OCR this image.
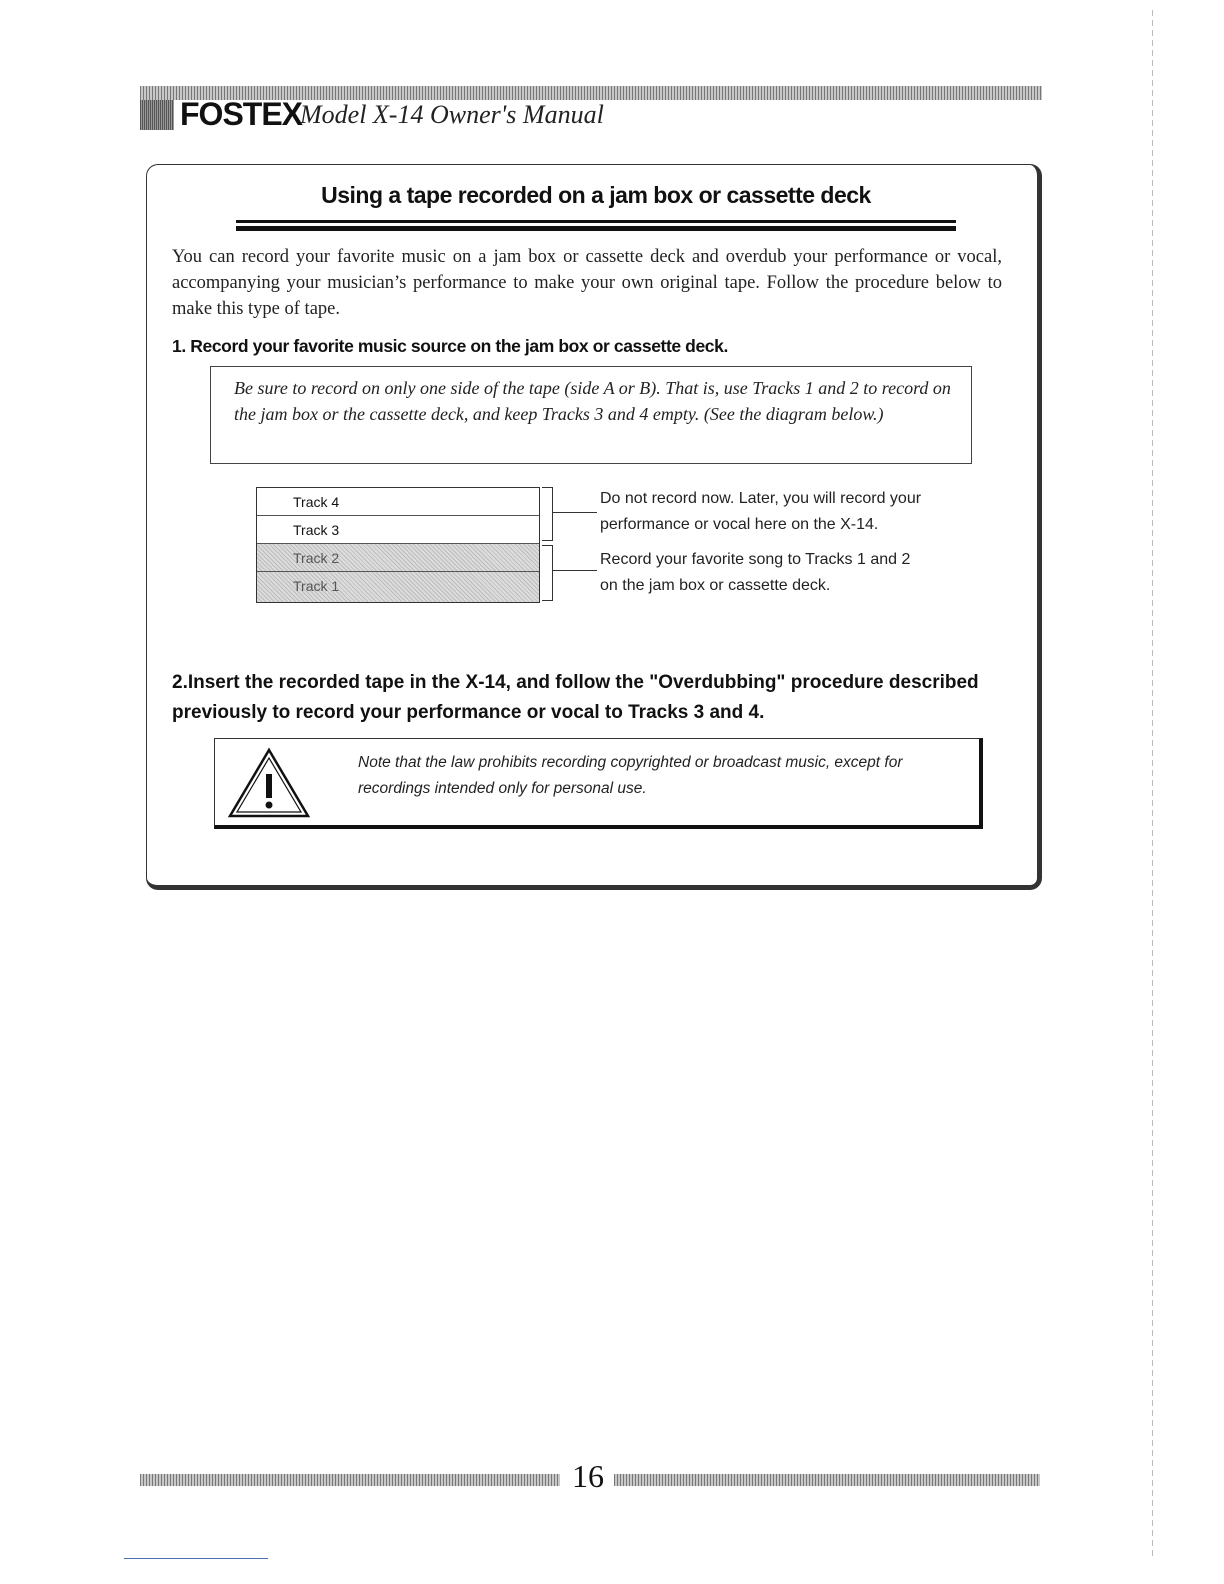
FOSTEX
Model X-14 Owner's Manual
Using a tape recorded on a jam box or cassette deck
You can record your favorite music on a jam box or cassette deck and overdub your performance or vocal, accompanying your musician’s performance to make your own original tape. Follow the procedure below to make this type of tape.
1. Record your favorite music source on the jam box or cassette deck.
Be sure to record on only one side of the tape (side A or B). That is, use Tracks 1 and 2 to record on the jam box or the cassette deck, and keep Tracks 3 and 4 empty. (See the diagram below.)
Track 4
Track 3
Track 2
Track 1
Do not record now. Later, you will record your performance or vocal here on the X-14.
Record your favorite song to Tracks 1 and 2 on the jam box or cassette deck.
2.Insert the recorded tape in the X-14, and follow the "Overdubbing" procedure described previously to record your performance or vocal to Tracks 3 and 4.
Note that the law prohibits recording copyrighted or broadcast music, except for recordings intended only for personal use.
16
